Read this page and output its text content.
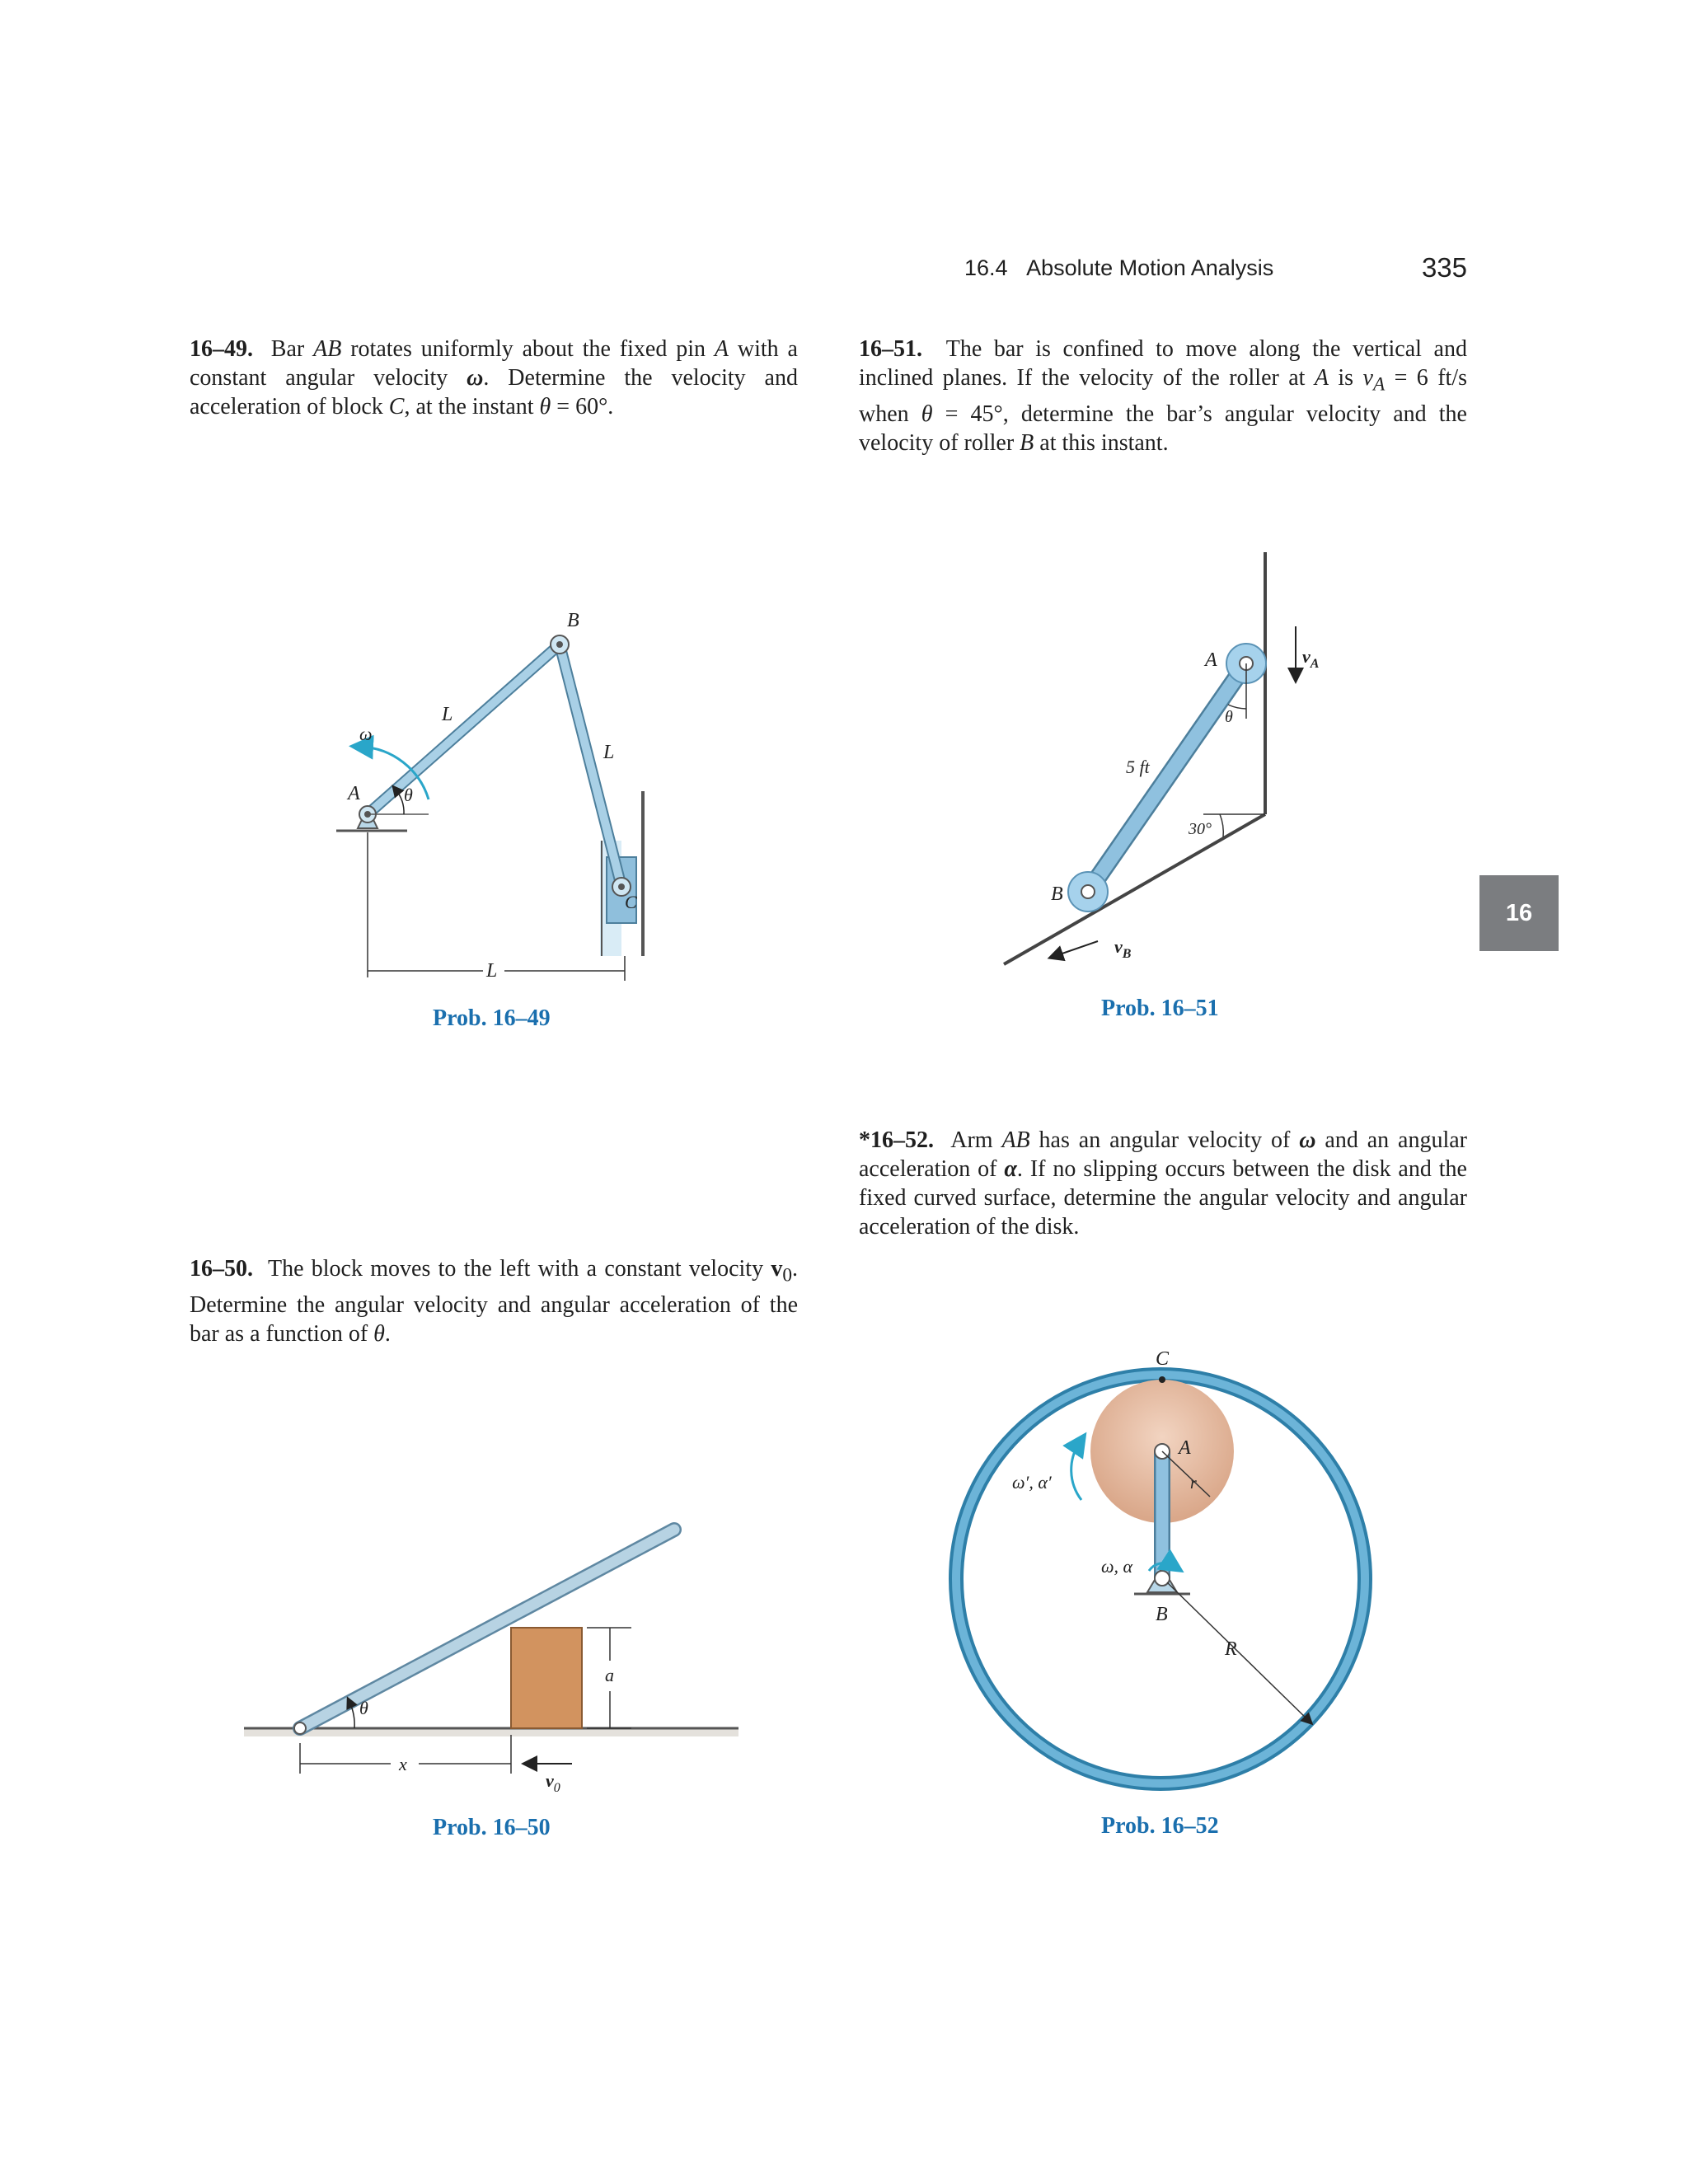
16.4 Absolute Motion Analysis	335
16

16–49. Bar AB rotates uniformly about the fixed pin A with a constant angular velocity ω. Determine the velocity and acceleration of block C, at the instant θ = 60°.

16–51. The bar is confined to move along the vertical and inclined planes. If the velocity of the roller at A is $v_A = 6$ ft/s when θ = 45°, determine the bar’s angular velocity and the velocity of roller B at this instant.

*16–52. Arm AB has an angular velocity of ω and an angular acceleration of α. If no slipping occurs between the disk and the fixed curved surface, determine the angular velocity and angular acceleration of the disk.

16–50. The block moves to the left with a constant velocity $v_0$. Determine the angular velocity and angular acceleration of the bar as a function of θ.

B
L
L
L
ω
A θ
C
Prob. 16–49
A	$v_A$
θ
5 ft
30°
B
$v_B$
Prob. 16–51
θ
a
x
$v_0$
Prob. 16–50
C
A
r
ω′, α′
ω, α
B
R
Prob. 16–52
